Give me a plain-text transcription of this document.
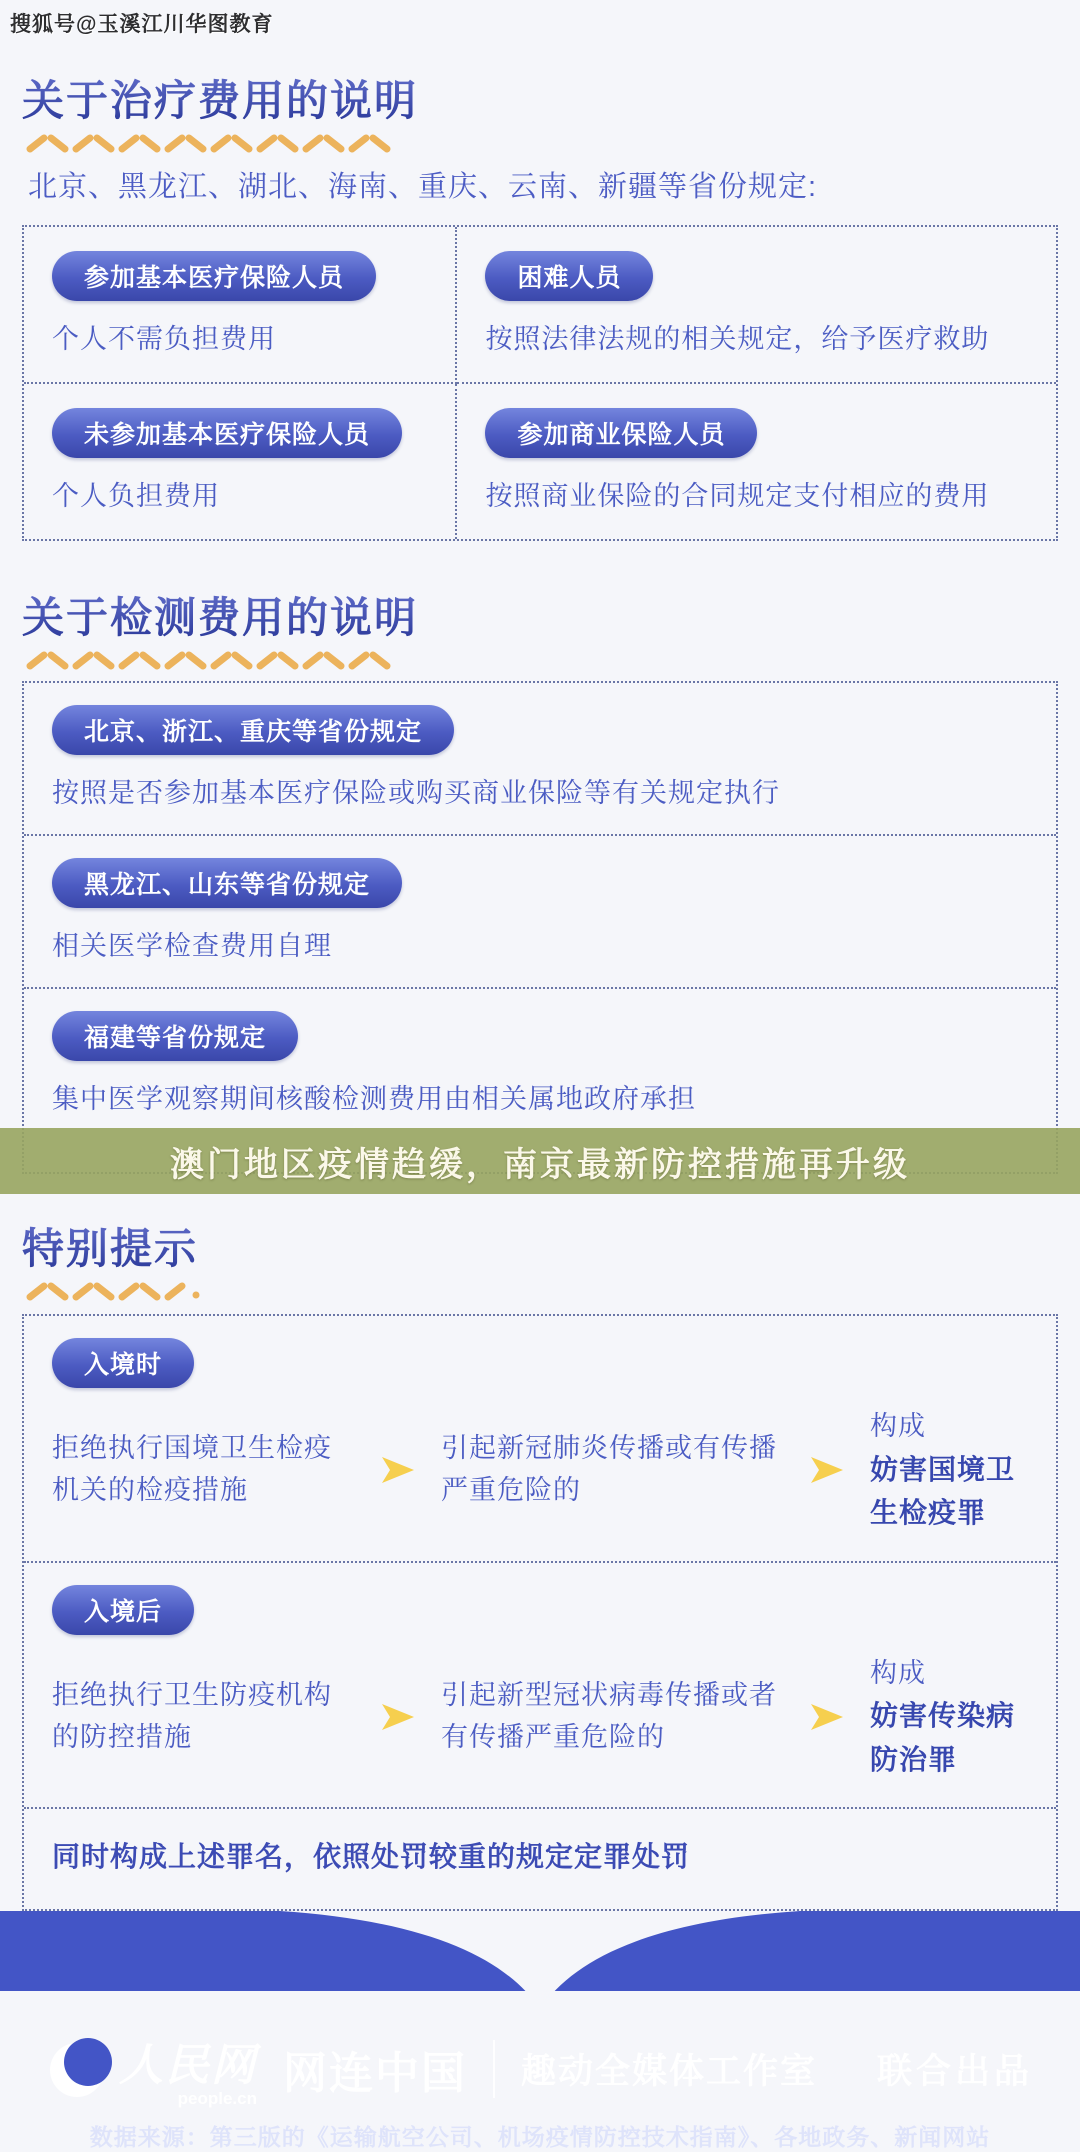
搜狐号@玉溪江川华图教育
关于治疗费用的说明

北京、黑龙江、湖北、海南、重庆、云南、新疆等省份规定:

参加基本医疗保险人员
个人不需负担费用
困难人员
按照法律法规的相关规定，给予医疗救助
未参加基本医疗保险人员
个人负担费用
参加商业保险人员
按照商业保险的合同规定支付相应的费用
关于检测费用的说明
北京、浙江、重庆等省份规定
按照是否参加基本医疗保险或购买商业保险等有关规定执行
黑龙江、山东等省份规定
相关医学检查费用自理
福建等省份规定
集中医学观察期间核酸检测费用由相关属地政府承担
澳门地区疫情趋缓，南京最新防控措施再升级
特别提示
入境时
拒绝执行国境卫生检疫机关的检疫措施
引起新冠肺炎传播或有传播严重危险的
构成
妨害国境卫生检疫罪
入境后
拒绝执行卫生防疫机构的防控措施
引起新型冠状病毒传播或者有传播严重危险的
构成
妨害传染病防治罪
同时构成上述罪名，依照处罚较重的规定定罪处罚
人民网
people.cn
网连中国 趣动全媒体工作室 联合出品
数据来源：第三版的《运输航空公司、机场疫情防控技术指南》、各地政务、新闻网站
